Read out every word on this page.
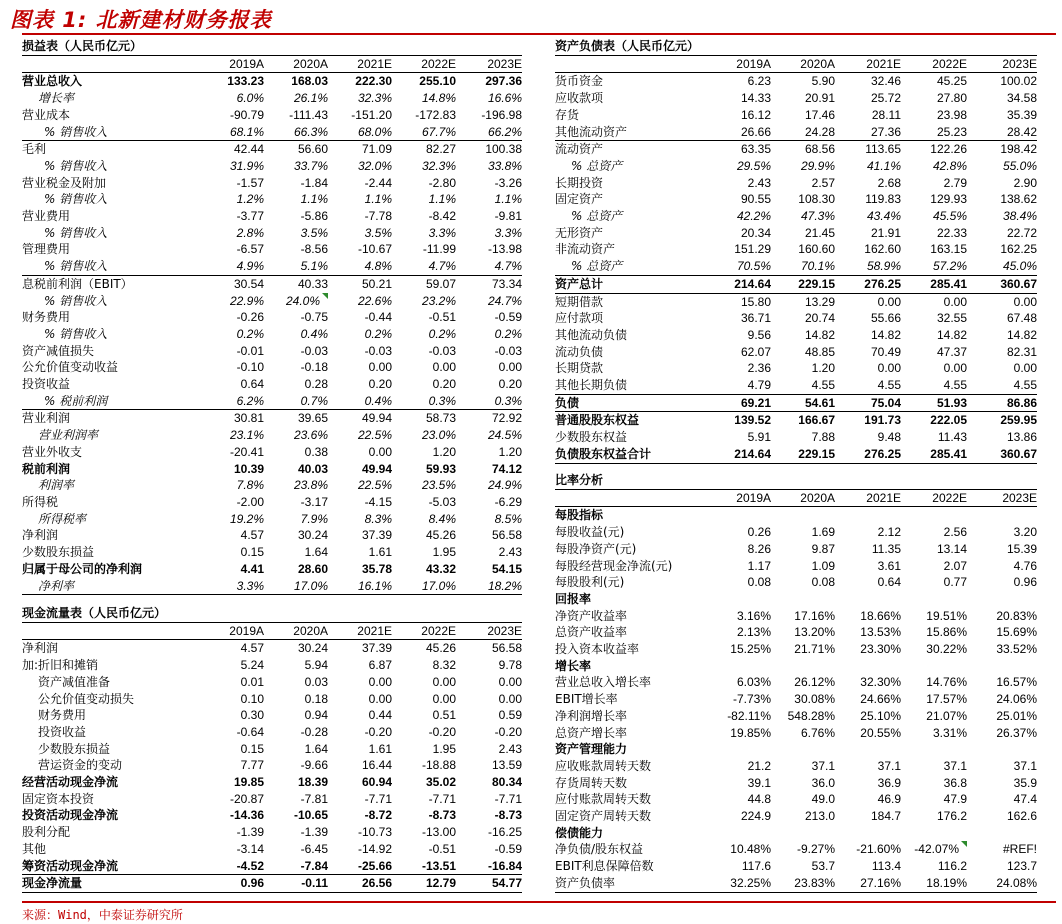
图表 1: 北新建材财务报表
损益表（人民币亿元）					
	2019A	2020A	2021E	2022E	2023E
营业总收入	133.23	168.03	222.30	255.10	297.36
增长率	6.0%	26.1%	32.3%	14.8%	16.6%
营业成本	-90.79	-111.43	-151.20	-172.83	-196.98
% 销售收入	68.1%	66.3%	68.0%	67.7%	66.2%
毛利	42.44	56.60	71.09	82.27	100.38
% 销售收入	31.9%	33.7%	32.0%	32.3%	33.8%
营业税金及附加	-1.57	-1.84	-2.44	-2.80	-3.26
% 销售收入	1.2%	1.1%	1.1%	1.1%	1.1%
营业费用	-3.77	-5.86	-7.78	-8.42	-9.81
% 销售收入	2.8%	3.5%	3.5%	3.3%	3.3%
管理费用	-6.57	-8.56	-10.67	-11.99	-13.98
% 销售收入	4.9%	5.1%	4.8%	4.7%	4.7%
息税前利润（EBIT）	30.54	40.33	50.21	59.07	73.34
% 销售收入	22.9%	24.0%	22.6%	23.2%	24.7%
财务费用	-0.26	-0.75	-0.44	-0.51	-0.59
% 销售收入	0.2%	0.4%	0.2%	0.2%	0.2%
资产减值损失	-0.01	-0.03	-0.03	-0.03	-0.03
公允价值变动收益	-0.10	-0.18	0.00	0.00	0.00
投资收益	0.64	0.28	0.20	0.20	0.20
% 税前利润	6.2%	0.7%	0.4%	0.3%	0.3%
营业利润	30.81	39.65	49.94	58.73	72.92
营业利润率	23.1%	23.6%	22.5%	23.0%	24.5%
营业外收支	-20.41	0.38	0.00	1.20	1.20
税前利润	10.39	40.03	49.94	59.93	74.12
利润率	7.8%	23.8%	22.5%	23.5%	24.9%
所得税	-2.00	-3.17	-4.15	-5.03	-6.29
所得税率	19.2%	7.9%	8.3%	8.4%	8.5%
净利润	4.57	30.24	37.39	45.26	56.58
少数股东损益	0.15	1.64	1.61	1.95	2.43
归属于母公司的净利润	4.41	28.60	35.78	43.32	54.15
净利率	3.3%	17.0%	16.1%	17.0%	18.2%
现金流量表（人民币亿元）					
	2019A	2020A	2021E	2022E	2023E
净利润	4.57	30.24	37.39	45.26	56.58
加:折旧和摊销	5.24	5.94	6.87	8.32	9.78
资产减值准备	0.01	0.03	0.00	0.00	0.00
公允价值变动损失	0.10	0.18	0.00	0.00	0.00
财务费用	0.30	0.94	0.44	0.51	0.59
投资收益	-0.64	-0.28	-0.20	-0.20	-0.20
少数股东损益	0.15	1.64	1.61	1.95	2.43
营运资金的变动	7.77	-9.66	16.44	-18.88	13.59
经营活动现金净流	19.85	18.39	60.94	35.02	80.34
固定资本投资	-20.87	-7.81	-7.71	-7.71	-7.71
投资活动现金净流	-14.36	-10.65	-8.72	-8.73	-8.73
股利分配	-1.39	-1.39	-10.73	-13.00	-16.25
其他	-3.14	-6.45	-14.92	-0.51	-0.59
筹资活动现金净流	-4.52	-7.84	-25.66	-13.51	-16.84
现金净流量	0.96	-0.11	26.56	12.79	54.77
资产负债表（人民币亿元）					
	2019A	2020A	2021E	2022E	2023E
货币资金	6.23	5.90	32.46	45.25	100.02
应收款项	14.33	20.91	25.72	27.80	34.58
存货	16.12	17.46	28.11	23.98	35.39
其他流动资产	26.66	24.28	27.36	25.23	28.42
流动资产	63.35	68.56	113.65	122.26	198.42
% 总资产	29.5%	29.9%	41.1%	42.8%	55.0%
长期投资	2.43	2.57	2.68	2.79	2.90
固定资产	90.55	108.30	119.83	129.93	138.62
% 总资产	42.2%	47.3%	43.4%	45.5%	38.4%
无形资产	20.34	21.45	21.91	22.33	22.72
非流动资产	151.29	160.60	162.60	163.15	162.25
% 总资产	70.5%	70.1%	58.9%	57.2%	45.0%
资产总计	214.64	229.15	276.25	285.41	360.67
短期借款	15.80	13.29	0.00	0.00	0.00
应付款项	36.71	20.74	55.66	32.55	67.48
其他流动负债	9.56	14.82	14.82	14.82	14.82
流动负债	62.07	48.85	70.49	47.37	82.31
长期贷款	2.36	1.20	0.00	0.00	0.00
其他长期负债	4.79	4.55	4.55	4.55	4.55
负债	69.21	54.61	75.04	51.93	86.86
普通股股东权益	139.52	166.67	191.73	222.05	259.95
少数股东权益	5.91	7.88	9.48	11.43	13.86
负债股东权益合计	214.64	229.15	276.25	285.41	360.67
比率分析					
	2019A	2020A	2021E	2022E	2023E
每股指标					
每股收益(元)	0.26	1.69	2.12	2.56	3.20
每股净资产(元)	8.26	9.87	11.35	13.14	15.39
每股经营现金净流(元)	1.17	1.09	3.61	2.07	4.76
每股股利(元)	0.08	0.08	0.64	0.77	0.96
回报率					
净资产收益率	3.16%	17.16%	18.66%	19.51%	20.83%
总资产收益率	2.13%	13.20%	13.53%	15.86%	15.69%
投入资本收益率	15.25%	21.71%	23.30%	30.22%	33.52%
增长率					
营业总收入增长率	6.03%	26.12%	32.30%	14.76%	16.57%
EBIT增长率	-7.73%	30.08%	24.66%	17.57%	24.06%
净利润增长率	-82.11%	548.28%	25.10%	21.07%	25.01%
总资产增长率	19.85%	6.76%	20.55%	3.31%	26.37%
资产管理能力					
应收账款周转天数	21.2	37.1	37.1	37.1	37.1
存货周转天数	39.1	36.0	36.9	36.8	35.9
应付账款周转天数	44.8	49.0	46.9	47.9	47.4
固定资产周转天数	224.9	213.0	184.7	176.2	162.6
偿债能力					
净负债/股东权益	10.48%	-9.27%	-21.60%	-42.07%	#REF!
EBIT利息保障倍数	117.6	53.7	113.4	116.2	123.7
资产负债率	32.25%	23.83%	27.16%	18.19%	24.08%
来源：Wind，中泰证券研究所
